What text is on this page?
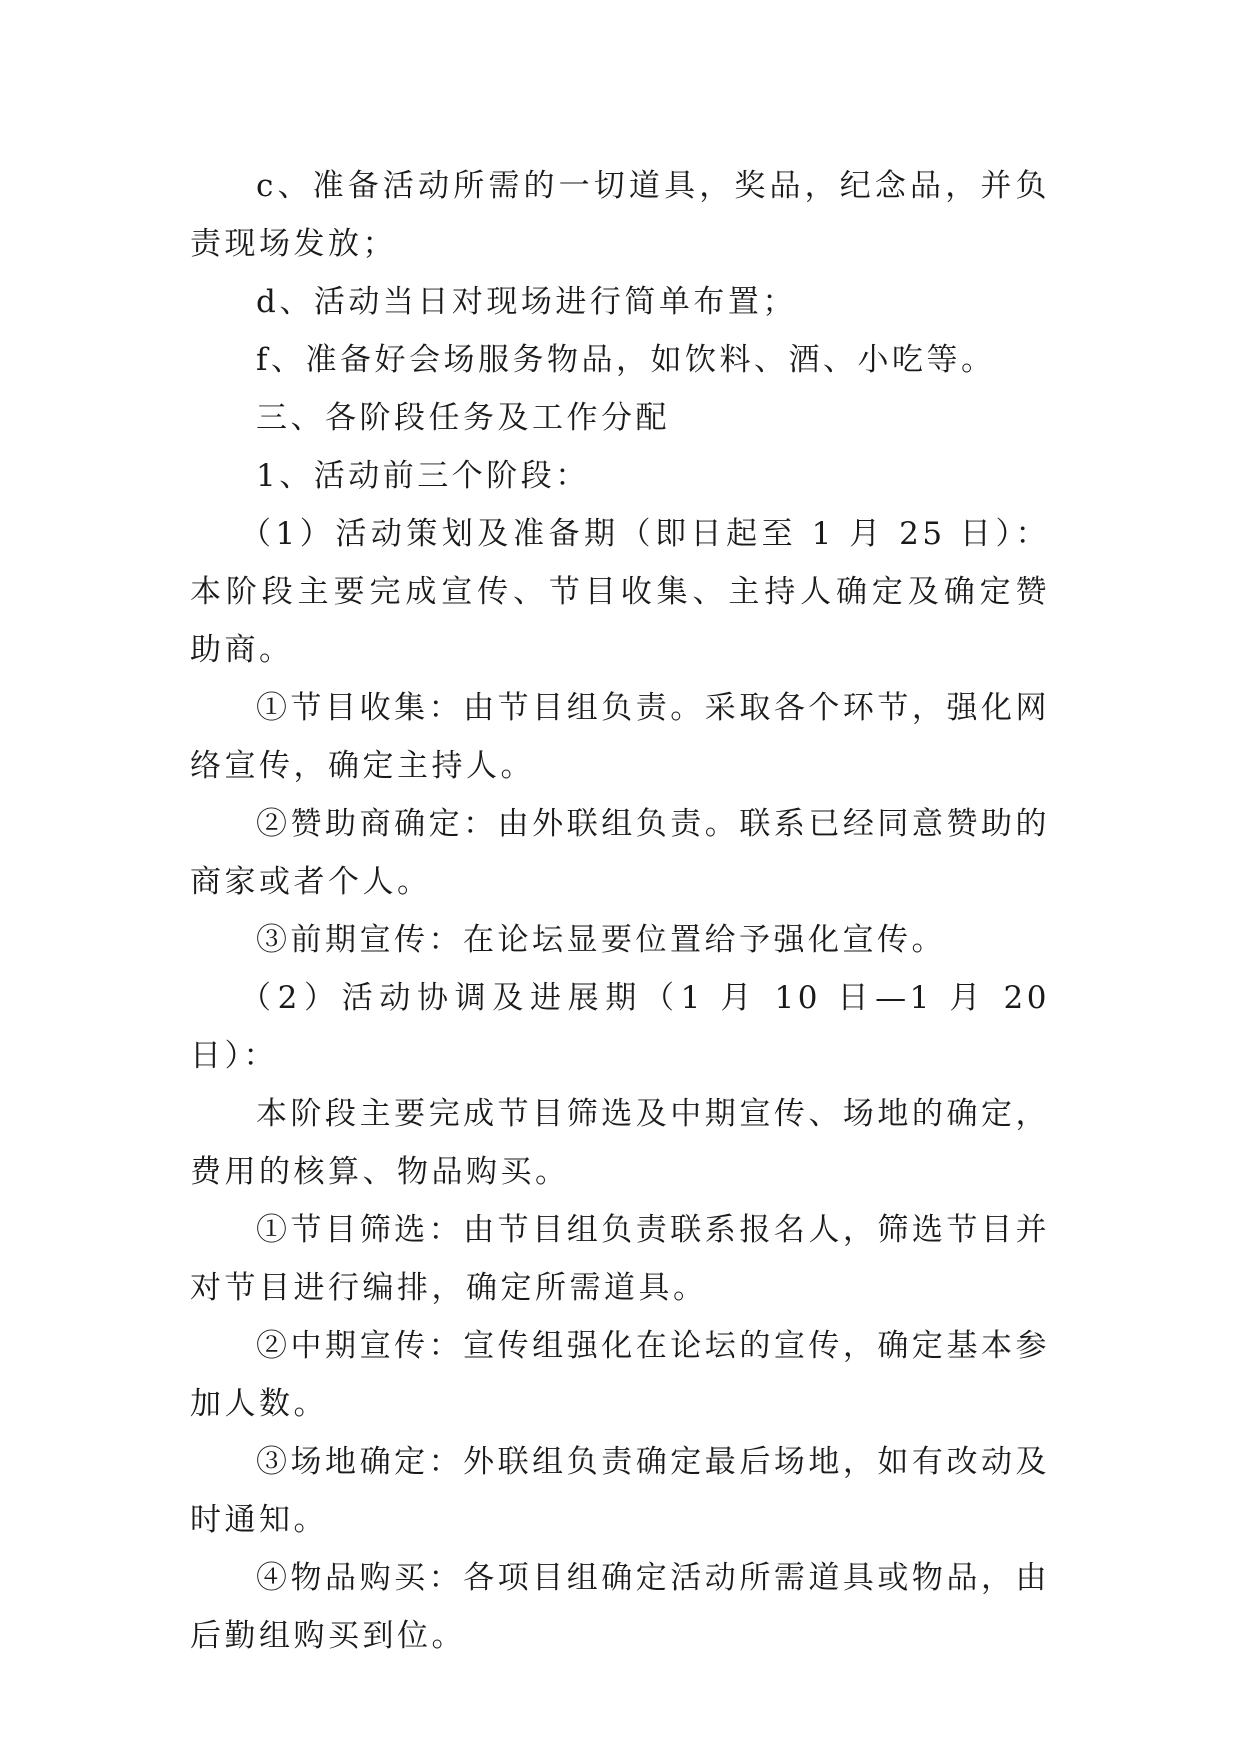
c、准备活动所需的一切道具，奖品，纪念品，并负责现场发放；

d、活动当日对现场进行简单布置；

f、准备好会场服务物品，如饮料、酒、小吃等。

三、各阶段任务及工作分配

1、活动前三个阶段：

（1）活动策划及准备期（即日起至 1 月 25 日）：本阶段主要完成宣传、节目收集、主持人确定及确定赞助商。

①节目收集：由节目组负责。采取各个环节，强化网络宣传，确定主持人。

②赞助商确定：由外联组负责。联系已经同意赞助的商家或者个人。

③前期宣传：在论坛显要位置给予强化宣传。

（2）活动协调及进展期（1 月 10 日—1 月 20 日）：

本阶段主要完成节目筛选及中期宣传、场地的确定，费用的核算、物品购买。

①节目筛选：由节目组负责联系报名人，筛选节目并对节目进行编排，确定所需道具。

②中期宣传：宣传组强化在论坛的宣传，确定基本参加人数。

③场地确定：外联组负责确定最后场地，如有改动及时通知。

④物品购买：各项目组确定活动所需道具或物品，由后勤组购买到位。
